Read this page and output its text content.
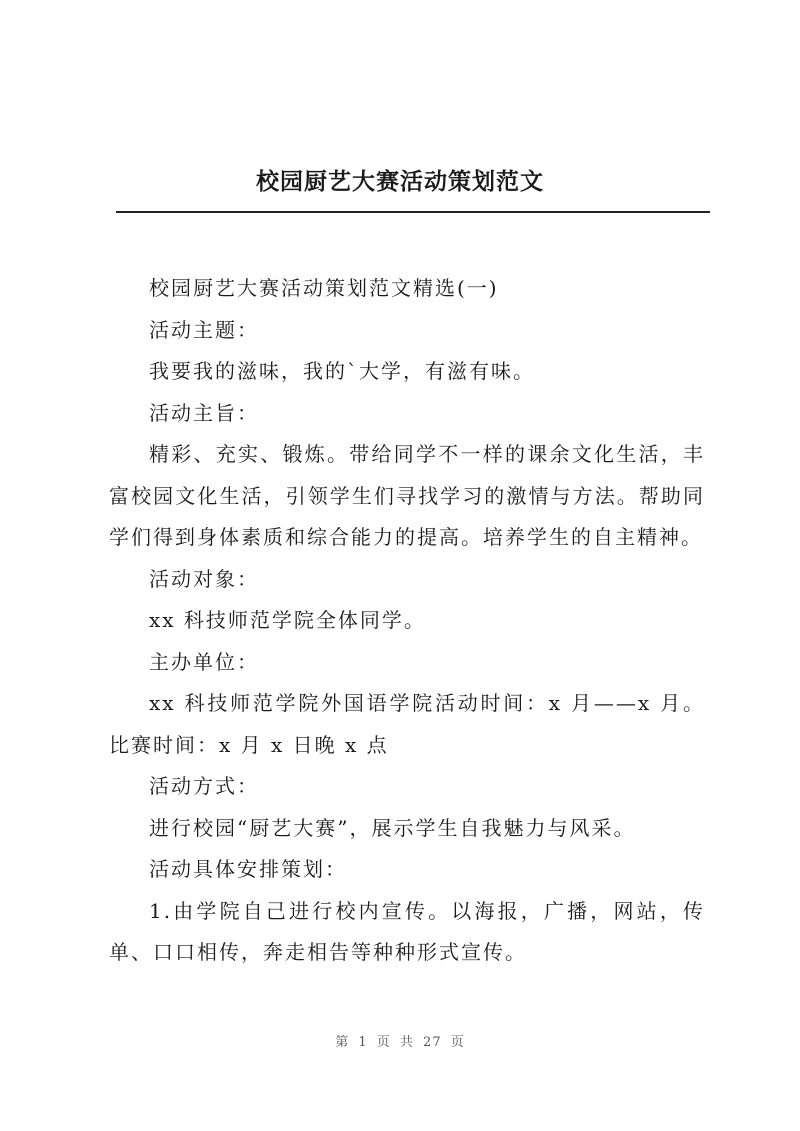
校园厨艺大赛活动策划范文

校园厨艺大赛活动策划范文精选(一)

活动主题：

我要我的滋味，我的`大学，有滋有味。

活动主旨：

精彩、充实、锻炼。带给同学不一样的课余文化生活，丰富校园文化生活，引领学生们寻找学习的激情与方法。帮助同学们得到身体素质和综合能力的提高。培养学生的自主精神。

活动对象：

xx 科技师范学院全体同学。

主办单位：

xx 科技师范学院外国语学院活动时间：x 月——x 月。比赛时间：x 月 x 日晚 x 点

活动方式：

进行校园“厨艺大赛”，展示学生自我魅力与风采。

活动具体安排策划：

1.由学院自己进行校内宣传。以海报，广播，网站，传单、口口相传，奔走相告等种种形式宣传。

第 1 页 共 27 页
